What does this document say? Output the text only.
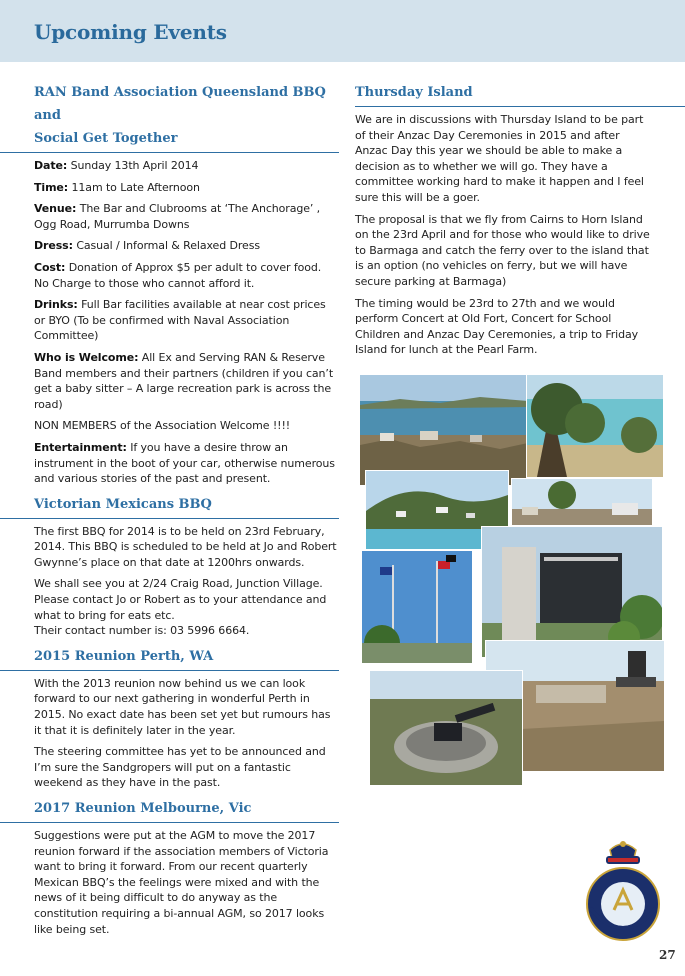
Upcoming Events
RAN Band Association Queensland BBQ and
Social Get Together

Date: Sunday 13th April 2014

Time: 11am to Late Afternoon

Venue: The Bar and Clubrooms at ‘The Anchorage’ , Ogg Road, Murrumba Downs

Dress: Casual / Informal & Relaxed Dress

Cost: Donation of Approx $5 per adult to cover food. No Charge to those who cannot afford it.

Drinks: Full Bar facilities available at near cost prices or BYO (To be confirmed with Naval Association Committee)

Who is Welcome: All Ex and Serving RAN & Reserve Band members and their partners (children if you can’t get a baby sitter – A large recreation park is across the road)

NON MEMBERS of the Association Welcome !!!!

Entertainment: If you have a desire throw an instrument in the boot of your car, otherwise numerous and various stories of the past and present.

Victorian Mexicans BBQ

The first BBQ for 2014 is to be held on 23rd February, 2014. This BBQ is scheduled to be held at Jo and Robert Gwynne’s place on that date at 1200hrs onwards.

We shall see you at 2/24 Craig Road, Junction Village. Please contact Jo or Robert as to your attendance and what to bring for eats etc.

Their contact number is: 03 5996 6664.

2015 Reunion Perth, WA

With the 2013 reunion now behind us we can look forward to our next gathering in wonderful Perth in 2015. No exact date has been set yet but rumours has it that it is definitely later in the year.

The steering committee has yet to be announced and I’m sure the Sandgropers will put on a fantastic weekend as they have in the past.

2017 Reunion Melbourne, Vic

Suggestions were put at the AGM to move the 2017 reunion forward if the association members of Victoria want to bring it forward. From our recent quarterly Mexican BBQ’s the feelings were mixed and with the news of it being difficult to do anyway as the constitution requiring a bi-annual AGM, so 2017 looks like being set.

Thursday Island

We are in discussions with Thursday Island to be part of their Anzac Day Ceremonies in 2015 and after Anzac Day this year we should be able to make a decision as to whether we will go. They have a committee working hard to make it happen and I feel sure this will be a goer.

The proposal is that we fly from Cairns to Horn Island on the 23rd April and for those who would like to drive to Barmaga and catch the ferry over to the island that is an option (no vehicles on ferry, but we will have secure parking at Barmaga)

The timing would be 23rd to 27th and we would perform Concert at Old Fort, Concert for School Children and Anzac Day Ceremonies, a trip to Friday Island for lunch at the Pearl Farm.

27
